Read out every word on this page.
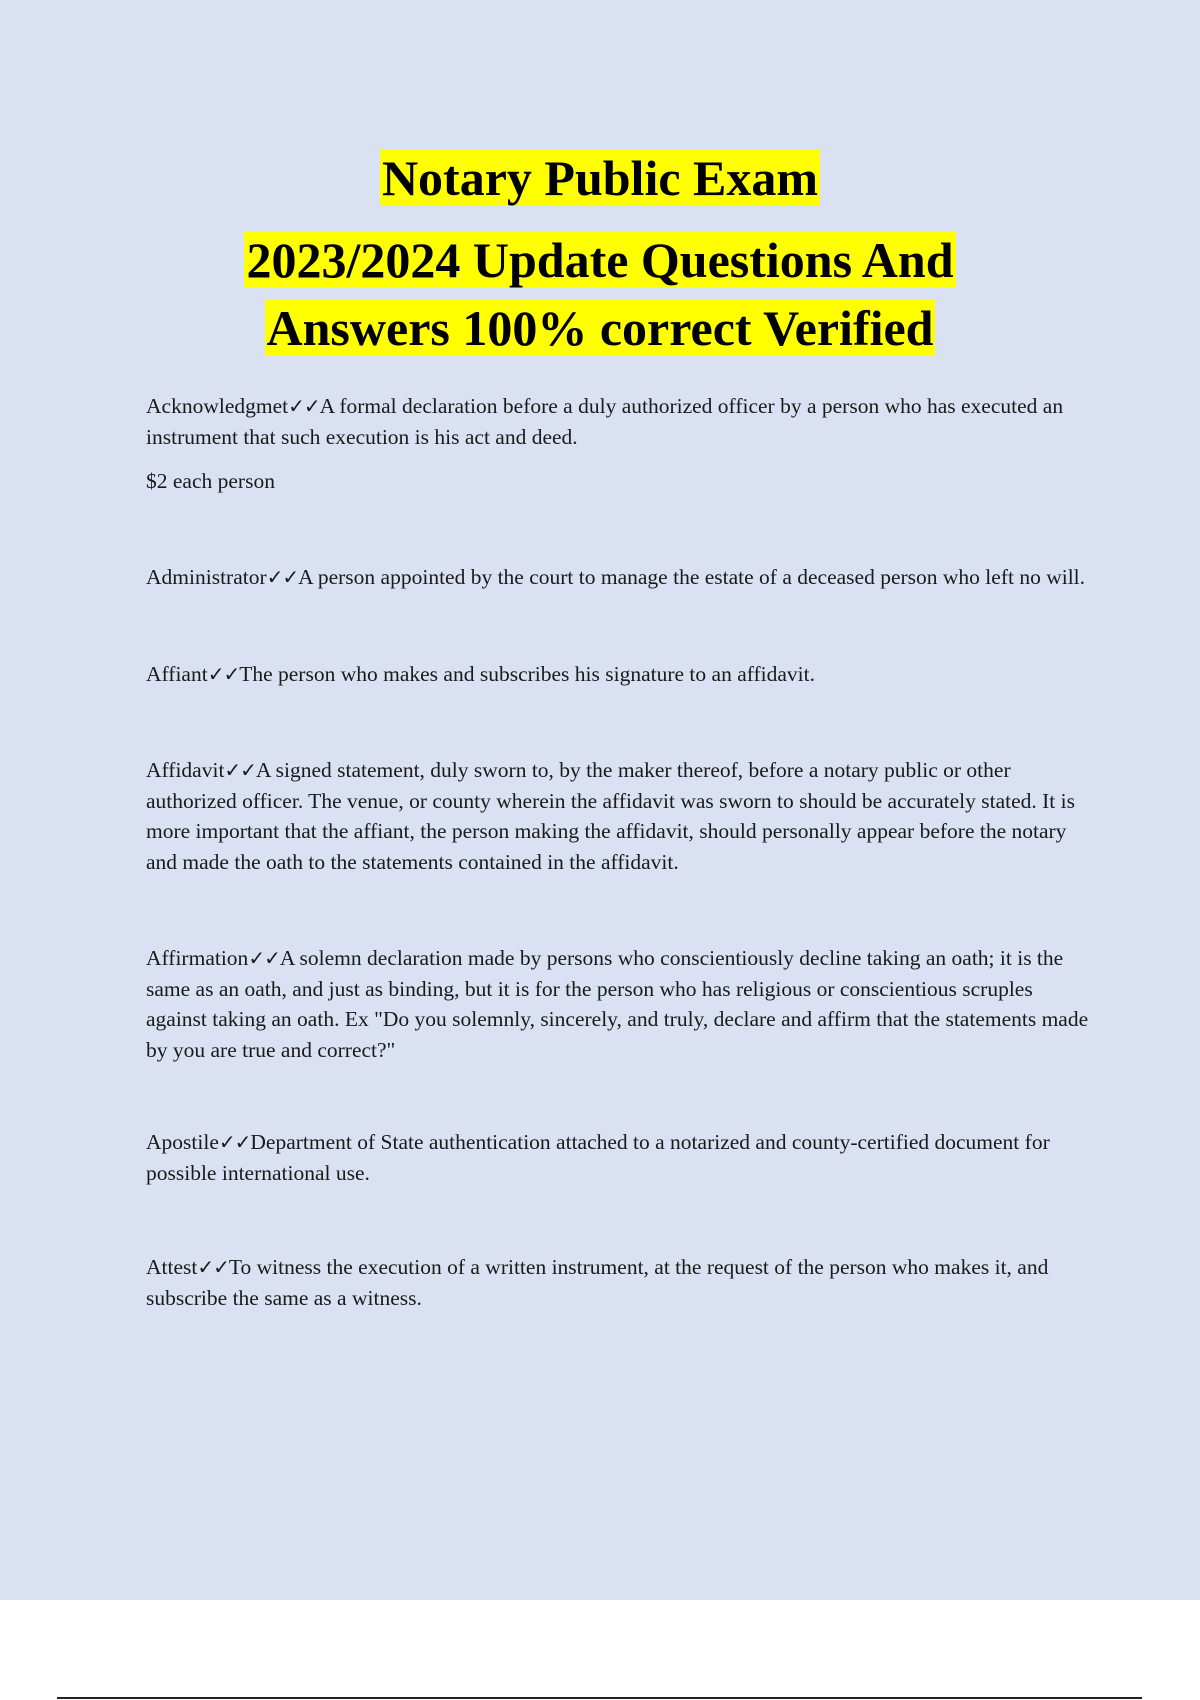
Notary Public Exam
2023/2024 Update Questions And Answers 100% correct Verified

Acknowledgmet✓✓A formal declaration before a duly authorized officer by a person who has executed an instrument that such execution is his act and deed.

$2 each person

Administrator✓✓A person appointed by the court to manage the estate of a deceased person who left no will.

Affiant✓✓The person who makes and subscribes his signature to an affidavit.

Affidavit✓✓A signed statement, duly sworn to, by the maker thereof, before a notary public or other authorized officer. The venue, or county wherein the affidavit was sworn to should be accurately stated. It is more important that the affiant, the person making the affidavit, should personally appear before the notary and made the oath to the statements contained in the affidavit.

Affirmation✓✓A solemn declaration made by persons who conscientiously decline taking an oath; it is the same as an oath, and just as binding, but it is for the person who has religious or conscientious scruples against taking an oath. Ex "Do you solemnly, sincerely, and truly, declare and affirm that the statements made by you are true and correct?"

Apostile✓✓Department of State authentication attached to a notarized and county-certified document for possible international use.

Attest✓✓To witness the execution of a written instrument, at the request of the person who makes it, and subscribe the same as a witness.
